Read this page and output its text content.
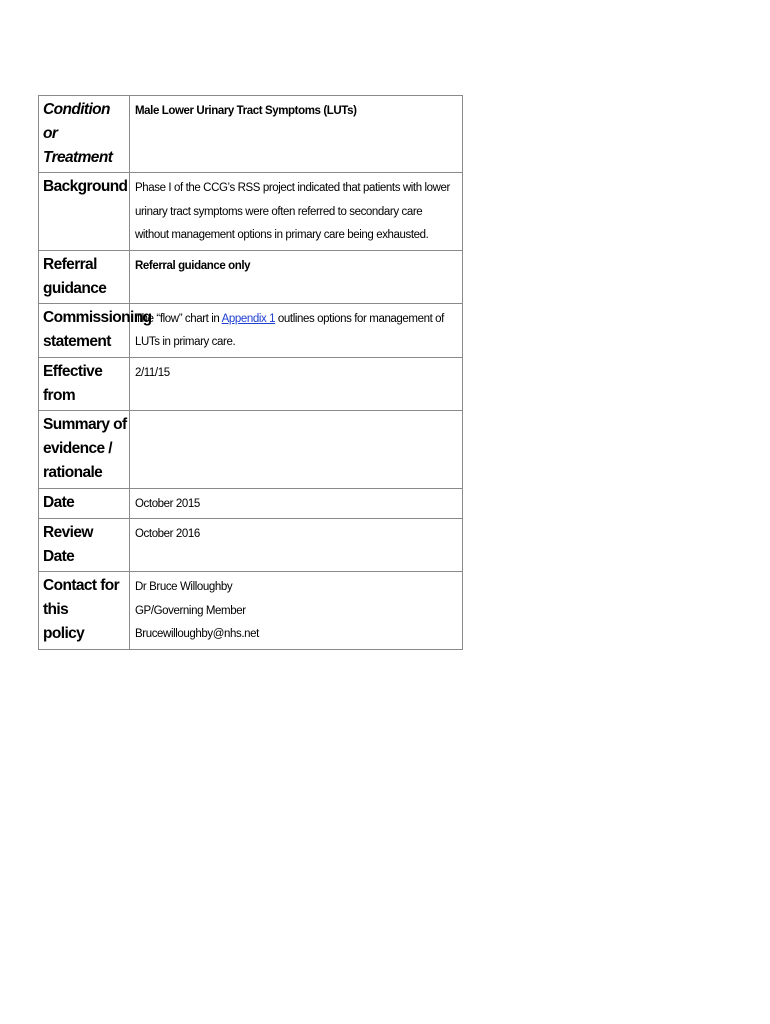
Condition or
Treatment	Male Lower Urinary Tract Symptoms (LUTs)
Background	Phase I of the CCG’s RSS project indicated that patients with lower urinary tract symptoms were often referred to secondary care without management options in primary care being exhausted.

Referral
guidance	Referral guidance only

Commissioning
statement	The “flow” chart in Appendix 1 outlines options for management of LUTs in primary care.
Effective from	2/11/15

Summary of
evidence /
rationale	

Date	October 2015
Review Date	October 2016

Contact for this
policy	Dr Bruce Willoughby
GP/Governing Member
Brucewilloughby@nhs.net
